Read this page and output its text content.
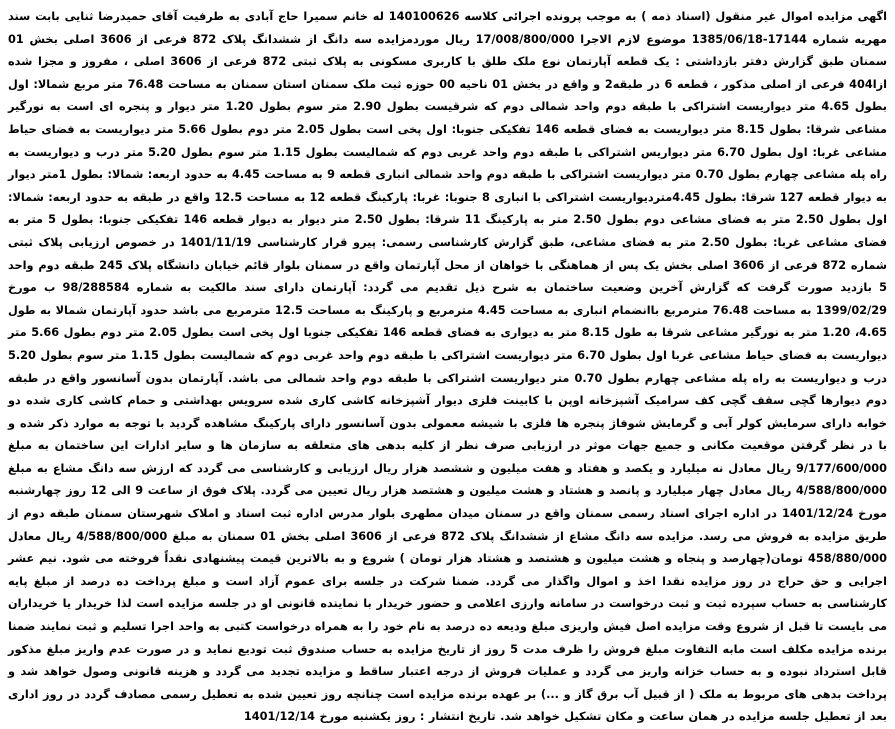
اگهی مزایده اموال غیر منقول (اسناد ذمه ) به موجب پرونده اجرائی کلاسه 140100626 له خانم سمیرا حاج آبادی به طرفیت آقای حمیدرضا ثنایی بابت سند مهریه شماره 17144-1385/06/18 موضوع لازم الاجرا 17/008/800/000 ریال موردمزایده سه دانگ از ششدانگ پلاک 872 فرعی از 3606 اصلی بخش 01 سمنان طبق گزارش دفتر بازداشتی : یک قطعه آپارتمان نوع ملک طلق با کاربری مسکونی به پلاک ثبتی 872 فرعی از 3606 اصلی ، مفروز و مجزا شده ازا404 فرعی از اصلی مذکور ، قطعه 6 در طبقه2 و واقع در بخش 01 ناحیه 00 حوزه ثبت ملک سمنان استان سمنان به مساحت 76.48 متر مربع شمالا: اول بطول 4.65 متر دیواریست اشتراکی با طبقه دوم واحد شمالی دوم که شرقیست بطول 2.90 متر سوم بطول 1.20 متر دیوار و پنجره ای است به نورگیر مشاعی شرقا: بطول 8.15 متر دیواریست به فضای قطعه 146 تفکیکی جنوبا: اول پخی است بطول 2.05 متر دوم بطول 5.66 متر دیواریست به فضای حیاط مشاعی غربا: اول بطول 6.70 متر دیواریس اشتراکی با طبقه دوم واحد غربی دوم که شمالیست بطول 1.15 متر سوم بطول 5.20 متر درب و دیواریست به راه پله مشاعی چهارم بطول 0.70 متر دیواریست اشتراکی با طبقه دوم واحد شمالی انباری قطعه 9 به مساحت 4.45 به حدود اربعه: شمالا: بطول 1متر دیوار به دیوار قطعه 127 شرقا: بطول 4.45متردیواریست اشتراکی با انباری 8 جنوبا: غربا: پارکینگ قطعه 12 به مساحت 12.5 واقع در طبقه به حدود اربعه: شمالا: اول بطول 2.50 متر به فضای مشاعی دوم بطول 2.50 متر به پارکینگ 11 شرقا: بطول 2.50 متر دیوار به دیوار قطعه 146 تفکیکی جنوبا: بطول 5 متر به فضای مشاعی غربا: بطول 2.50 متر به فضای مشاعی، طبق گزارش کارشناسی رسمی: پیرو قرار کارشناسی 1401/11/19 در خصوص ارزیابی پلاک ثبتی شماره 872 فرعی از 3606 اصلی بخش یک پس از هماهنگی با خواهان از محل آپارتمان واقع در سمنان بلوار قائم خیابان دانشگاه پلاک 245 طبقه دوم واحد 5 بازدید صورت گرفت که گزارش آخرین وضعیت ساختمان به شرح ذیل تقدیم می گردد: آپارتمان دارای سند مالکیت به شماره 98/288584 ب مورخ 1399/02/29 به مساحت 76.48 مترمربع باانضمام انباری به مساحت 4.45 مترمربع و پارکینگ به مساحت 12.5 مترمربع می باشد حدود آپارتمان شمالا به طول 4.65، 1.20 متر به نورگیر مشاعی شرقا به طول 8.15 متر به دیواری به فضای قطعه 146 تفکیکی جنوبا اول پخی است بطول 2.05 متر دوم بطول 5.66 متر دیواریست به فضای حیاط مشاعی غربا اول بطول 6.70 متر دیواریست اشتراکی با طبقه دوم واحد غربی دوم که شمالیست بطول 1.15 متر سوم بطول 5.20 درب و دیواریست به راه پله مشاعی چهارم بطول 0.70 متر دیواریست اشتراکی با طبقه دوم واحد شمالی می باشد. آپارتمان بدون آسانسور واقع در طبقه دوم دیوارها گچی سقف گچی کف سرامیک آشپزخانه اوپن با کابینت فلزی دیوار آشپزخانه کاشی کاری شده سرویس بهداشتی و حمام کاشی کاری شده دو خوابه دارای سرمایش کولر آبی و گرمایش شوفاژ پنجره ها فلزی با شیشه معمولی بدون آسانسور دارای پارکینگ مشاهده گردید با توجه به موارد ذکر شده و با در نظر گرفتن موقعیت مکانی و جمیع جهات موثر در ارزیابی صرف نظر از کلیه بدهی های متعلقه به سازمان ها و سایر ادارات این ساختمان به مبلغ 9/177/600/000 ریال معادل نه میلیارد و یکصد و هفتاد و هفت میلیون و ششصد هزار ریال ارزیابی و کارشناسی می گردد که ارزش سه دانگ مشاع به مبلغ 4/588/800/000 ریال معادل چهار میلیارد و پانصد و هشتاد و هشت میلیون و هشتصد هزار ریال تعیین می گردد. پلاک فوق از ساعت 9 الی 12 روز چهارشنبه مورخ 1401/12/24 در اداره اجرای اسناد رسمی سمنان واقع در سمنان میدان مطهری بلوار مدرس اداره ثبت اسناد و املاک شهرستان سمنان طبقه دوم از طریق مزایده به فروش می رسد. مزایده سه دانگ مشاع از ششدانگ پلاک 872 فرعی از 3606 اصلی بخش 01 سمنان به مبلغ 4/588/800/000 ریال معادل 458/880/000 تومان(چهارصد و پنجاه و هشت میلیون و هشتصد و هشتاد هزار تومان ) شروع و به بالاترین قیمت پیشنهادی نقداً فروخته می شود. نیم عشر اجرایی و حق حراج در روز مزایده نقدا اخذ و اموال واگذار می گردد. ضمنا شرکت در جلسه برای عموم آزاد است و مبلغ پرداخت ده درصد از مبلغ پایه کارشناسی به حساب سپرده ثبت و ثبت درخواست در سامانه وارزی اعلامی و حضور خریدار با نماینده قانونی او در جلسه مزایده است لذا خریدار یا خریداران می بایست تا قبل از شروع وقت مزایده اصل فیش واریزی مبلغ ودیعه ده درصد به نام خود را به همراه درخواست کتبی به واحد اجرا تسلیم و ثبت نمایند ضمنا برنده مزایده مکلف است مابه التفاوت مبلغ فروش را ظرف مدت 5 روز از تاریخ مزایده به حساب صندوق ثبت تودیع نماید و در صورت عدم واریز مبلغ مذکور قابل استرداد نبوده و به حساب خزانه واریز می گردد و عملیات فروش از درجه اعتبار ساقط و مزایده تجدید می گردد و هزینه قانونی وصول خواهد شد و پرداخت بدهی های مربوط به ملک ( از قبیل آب برق گاز و ...) بر عهده برنده مزایده است چنانچه روز تعیین شده به تعطیل رسمی مصادف گردد در روز اداری بعد از تعطیل جلسه مزایده در همان ساعت و مکان تشکیل خواهد شد. تاریخ انتشار : روز یکشنبه مورخ 1401/12/14
